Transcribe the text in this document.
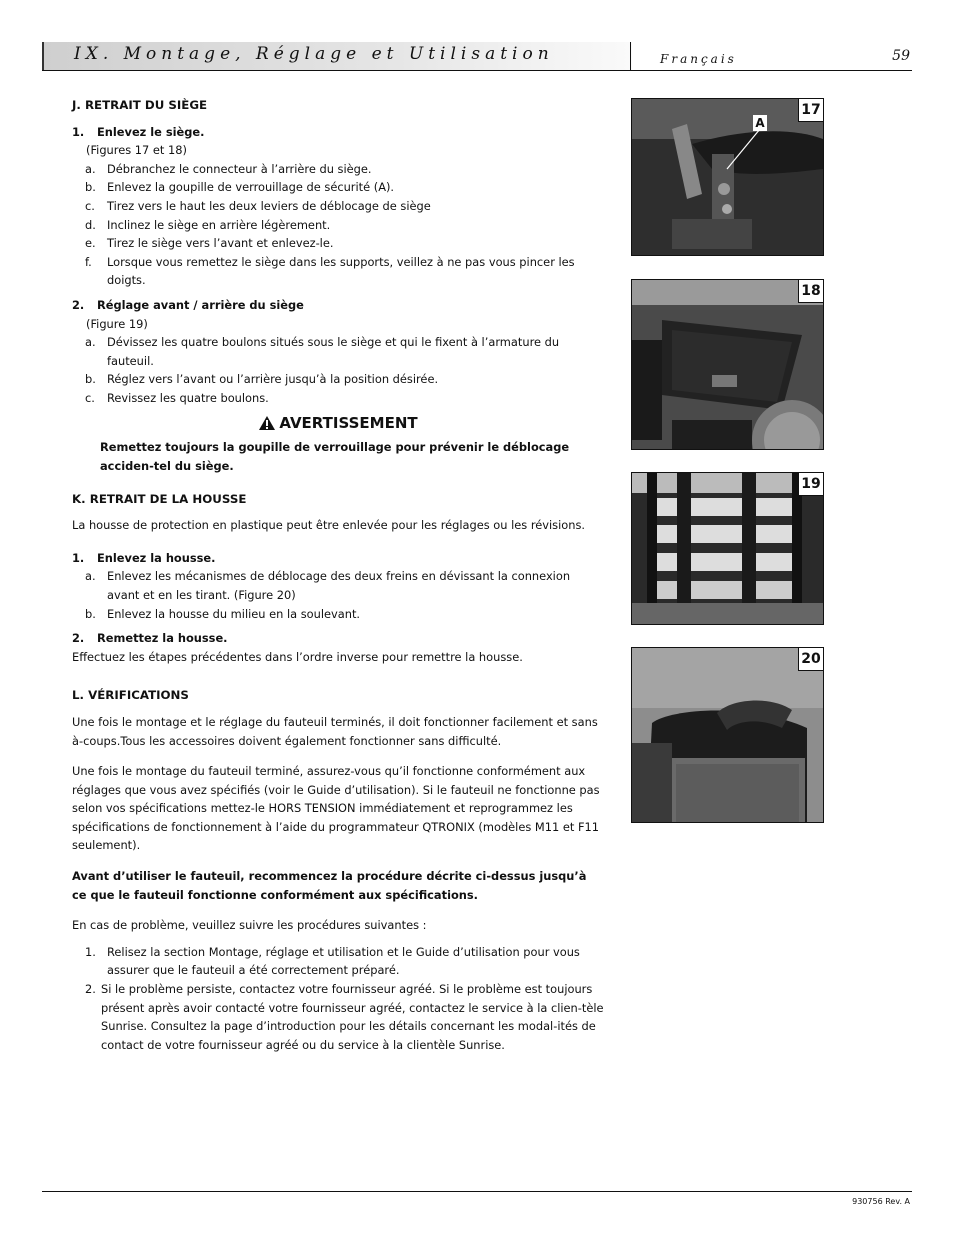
IX. Montage, Réglage et Utilisation	Français	59
J. RETRAIT DU SIÈGE

1. Enlevez le siège.

(Figures 17 et 18)

a. Débranchez le connecteur à l’arrière du siège.
b. Enlevez la goupille de verrouillage de sécurité (A).
c.	Tirez vers le haut les deux leviers de déblocage de siège
d. Inclinez le siège en arrière légèrement.
e. Tirez le siège vers l’avant et enlevez-le.
f.	Lorsque vous remettez le siège dans les supports, veillez à ne pas vous pincer les doigts.

2. Réglage avant / arrière du siège

(Figure 19)

a. Dévissez les quatre boulons situés sous le siège et qui le fixent à l’armature du fauteuil.
b. Réglez vers l’avant ou l’arrière jusqu’à la position désirée.
c.	Revissez les quatre boulons.
AVERTISSEMENT

Remettez toujours la goupille de verrouillage pour prévenir le déblocage acciden-tel du siège.

K. RETRAIT DE LA HOUSSE

La housse de protection en plastique peut être enlevée pour les réglages ou les révisions.

1. Enlevez la housse.

a. Enlevez les mécanismes de déblocage des deux freins en dévissant la connexion avant et en les tirant. (Figure 20)
b. Enlevez la housse du milieu en la soulevant.

2. Remettez la housse.

Effectuez les étapes précédentes dans l’ordre inverse pour remettre la housse.

L. VÉRIFICATIONS

Une fois le montage et le réglage du fauteuil terminés, il doit fonctionner facilement et sans à-coups.Tous les accessoires doivent également fonctionner sans difficulté.

Une fois le montage du fauteuil terminé, assurez-vous qu’il fonctionne conformément aux réglages que vous avez spécifiés (voir le Guide d’utilisation). Si le fauteuil ne fonctionne pas selon vos spécifications mettez-le HORS TENSION immédiatement et reprogrammez les spécifications de fonctionnement à l’aide du programmateur QTRONIX (modèles M11 et F11 seulement).

Avant d’utiliser le fauteuil, recommencez la procédure décrite ci-dessus jusqu’à ce que le fauteuil fonctionne conformément aux spécifications.

En cas de problème, veuillez suivre les procédures suivantes :

1. Relisez la section Montage, réglage et utilisation et le Guide d’utilisation pour vous assurer que le fauteuil a été correctement préparé.
2. Si le problème persiste, contactez votre fournisseur agréé. Si le problème est toujours présent après avoir contacté votre fournisseur agréé, contactez le service à la clien-tèle Sunrise. Consultez la page d’introduction pour les détails concernant les modal-ités de contact de votre fournisseur agréé ou du service à la clientèle Sunrise.
A
17
18
19
20
930756 Rev. A
